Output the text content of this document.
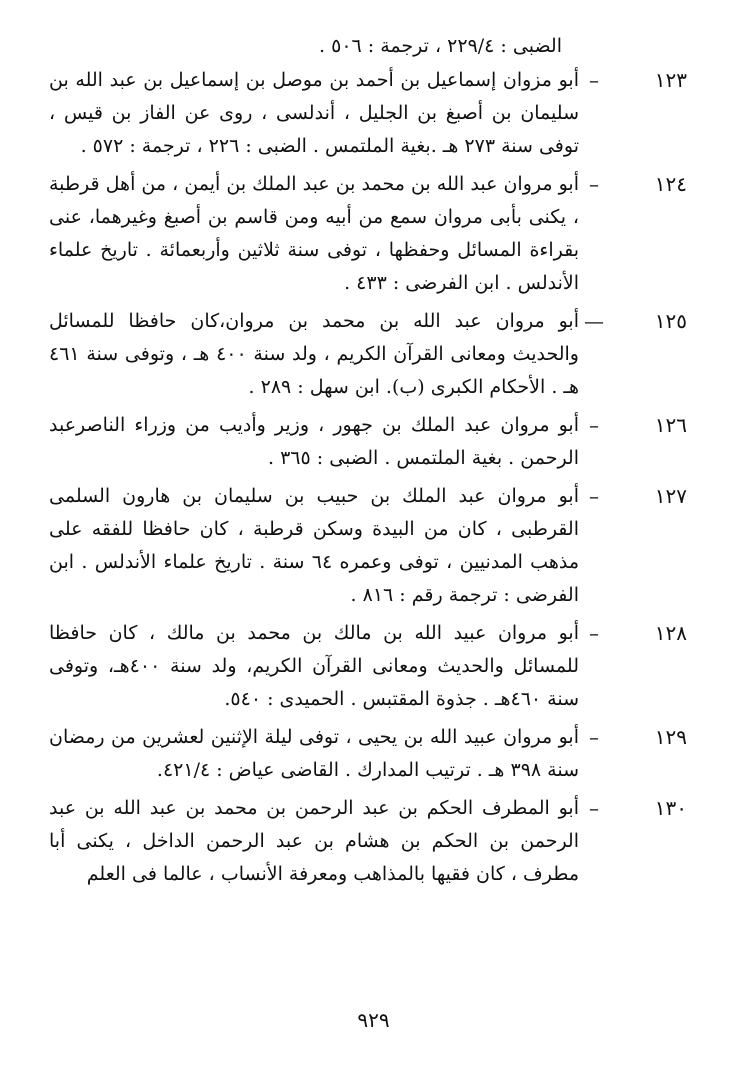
الضبى : ٢٢٩/٤ ، ترجمة : ٥٠٦ .
١٢٣
–
أبو مزوان إسماعيل بن أحمد بن موصل بن إسماعيل بن عبد الله بن سليمان بن أصبغ بن الجليل ، أندلسى ، روى عن الفاز بن قيس ، توفى سنة ٢٧٣ هـ .بغية الملتمس . الضبى : ٢٢٦ ، ترجمة : ٥٧٢ .
١٢٤
–
أبو مروان عبد الله بن محمد بن عبد الملك بن أيمن ، من أهل قرطبة ، يكنى بأبى مروان سمع من أبيه ومن قاسم بن أصبغ وغيرهما، عنى بقراءة المسائل وحفظها ، توفى سنة ثلاثين وأربعمائة . تاريخ علماء الأندلس . ابن الفرضى : ٤٣٣ .
١٢٥
—
أبو مروان عبد الله بن محمد بن مروان،كان حافظا للمسائل والحديث ومعانى القرآن الكريم ، ولد سنة ٤٠٠ هـ ، وتوفى سنة ٤٦١ هـ . الأحكام الكبرى (ب). ابن سهل : ٢٨٩ .
١٢٦
–
أبو مروان عبد الملك بن جهور ، وزير وأديب من وزراء الناصرعبد الرحمن . بغية الملتمس . الضبى : ٣٦٥ .
١٢٧
–
أبو مروان عبد الملك بن حبيب بن سليمان بن هارون السلمى القرطبى ، كان من البيدة وسكن قرطبة ، كان حافظا للفقه على مذهب المدنيين ، توفى وعمره ٦٤ سنة . تاريخ علماء الأندلس . ابن الفرضى : ترجمة رقم : ٨١٦ .
١٢٨
–
أبو مروان عبيد الله بن مالك بن محمد بن مالك ، كان حافظا للمسائل والحديث ومعانى القرآن الكريم، ولد سنة ٤٠٠هـ، وتوفى سنة ٤٦٠هـ . جذوة المقتبس . الحميدى : ٥٤٠.
١٢٩
–
أبو مروان عبيد الله بن يحيى ، توفى ليلة الإثنين لعشرين من رمضان سنة ٣٩٨ هـ . ترتيب المدارك . القاضى عياض : ٤٢١/٤.
١٣٠
–
أبو المطرف الحكم بن عبد الرحمن بن محمد بن عبد الله بن عبد الرحمن بن الحكم بن هشام بن عبد الرحمن الداخل ، يكنى أبا مطرف ، كان فقيها بالمذاهب ومعرفة الأنساب ، عالما فى العلم
٩٢٩
